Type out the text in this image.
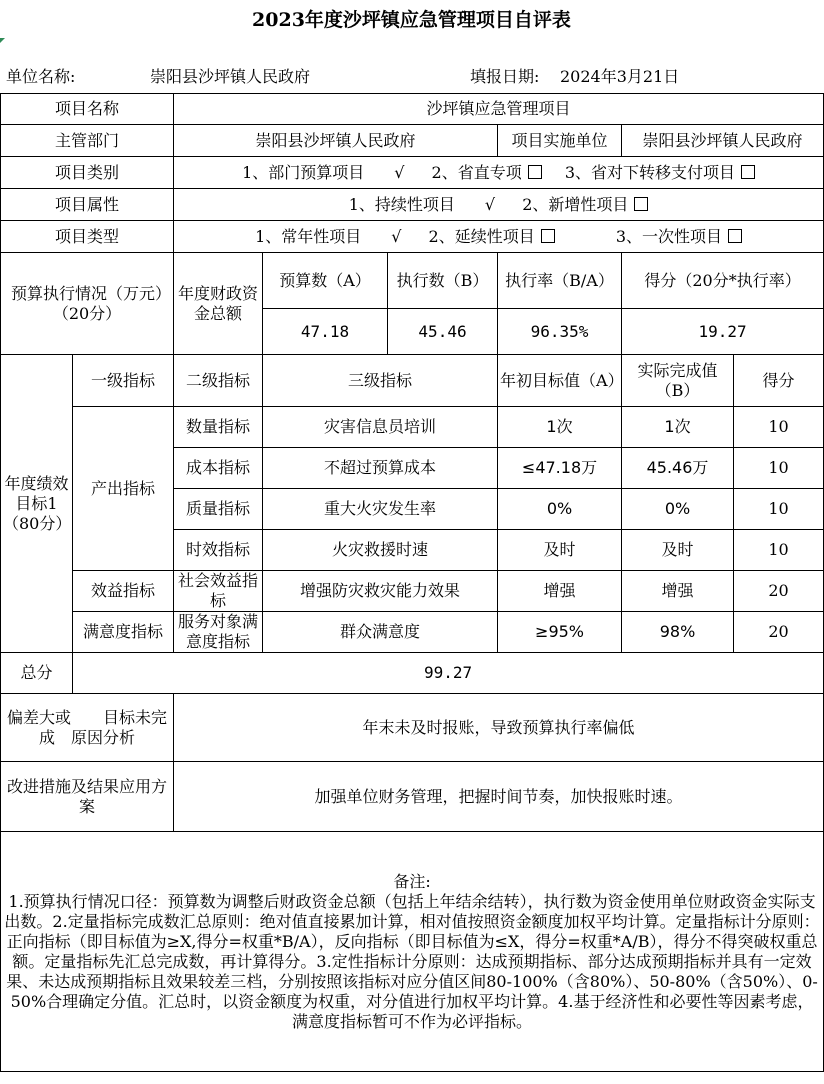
2023年度沙坪镇应急管理项目自评表
单位名称:	崇阳县沙坪镇人民政府	填报日期: 2024年3月21日
项目名称		沙坪镇应急管理项目					
主管部门		崇阳县沙坪镇人民政府			项目实施单位	崇阳县沙坪镇人民政府	
项目类别		1、部门预算项目 √ 2、省直专项 3、省对下转移支付项目					
项目属性		1、持续性项目 √ 2、新增性项目					
项目类型		1、常年性项目 √ 2、延续性项目 3、一次性项目					
预算执行情况（万元）　（20分）		年度财政资金总额	预算数（A）	执行数（B）	执行率（B/A）	得分（20分*执行率）	
			47.18	45.46	96.35%	19.27	
年度绩效目标1（80分）	一级指标	二级指标	三级指标		年初目标值（A）	实际完成值（B）	得分
	产出指标	数量指标	灾害信息员培训		1次	1次	10
		成本指标	不超过预算成本		≤47.18万	45.46万	10
		质量指标	重大火灾发生率		0%	0%	10
		时效指标	火灾救援时速		及时	及时	10
	效益指标	社会效益指标	增强防灾救灾能力效果		增强	增强	20
	满意度指标	服务对象满意度指标	群众满意度		≥95%	98%	20
总分	99.27						
偏差大或　　目标未完成　原因分析		年末未及时报账，导致预算执行率偏低					
改进措施及结果应用方案		加强单位财务管理，把握时间节奏，加快报账时速。					

备注:
1.预算执行情况口径：预算数为调整后财政资金总额（包括上年结余结转），执行数为资金使用单位财政资金实际支出数。2.定量指标完成数汇总原则：绝对值直接累加计算，相对值按照资金额度加权平均计算。定量指标计分原则：正向指标（即目标值为≥X,得分=权重*B/A），反向指标（即目标值为≤X，得分=权重*A/B），得分不得突破权重总额。定量指标先汇总完成数，再计算得分。3.定性指标计分原则：达成预期指标、部分达成预期指标并具有一定效果、未达成预期指标且效果较差三档，分别按照该指标对应分值区间80-100%（含80%）、50-80%（含50%）、0-50%合理确定分值。汇总时，以资金额度为权重，对分值进行加权平均计算。4.基于经济性和必要性等因素考虑，满意度指标暂可不作为必评指标。							
